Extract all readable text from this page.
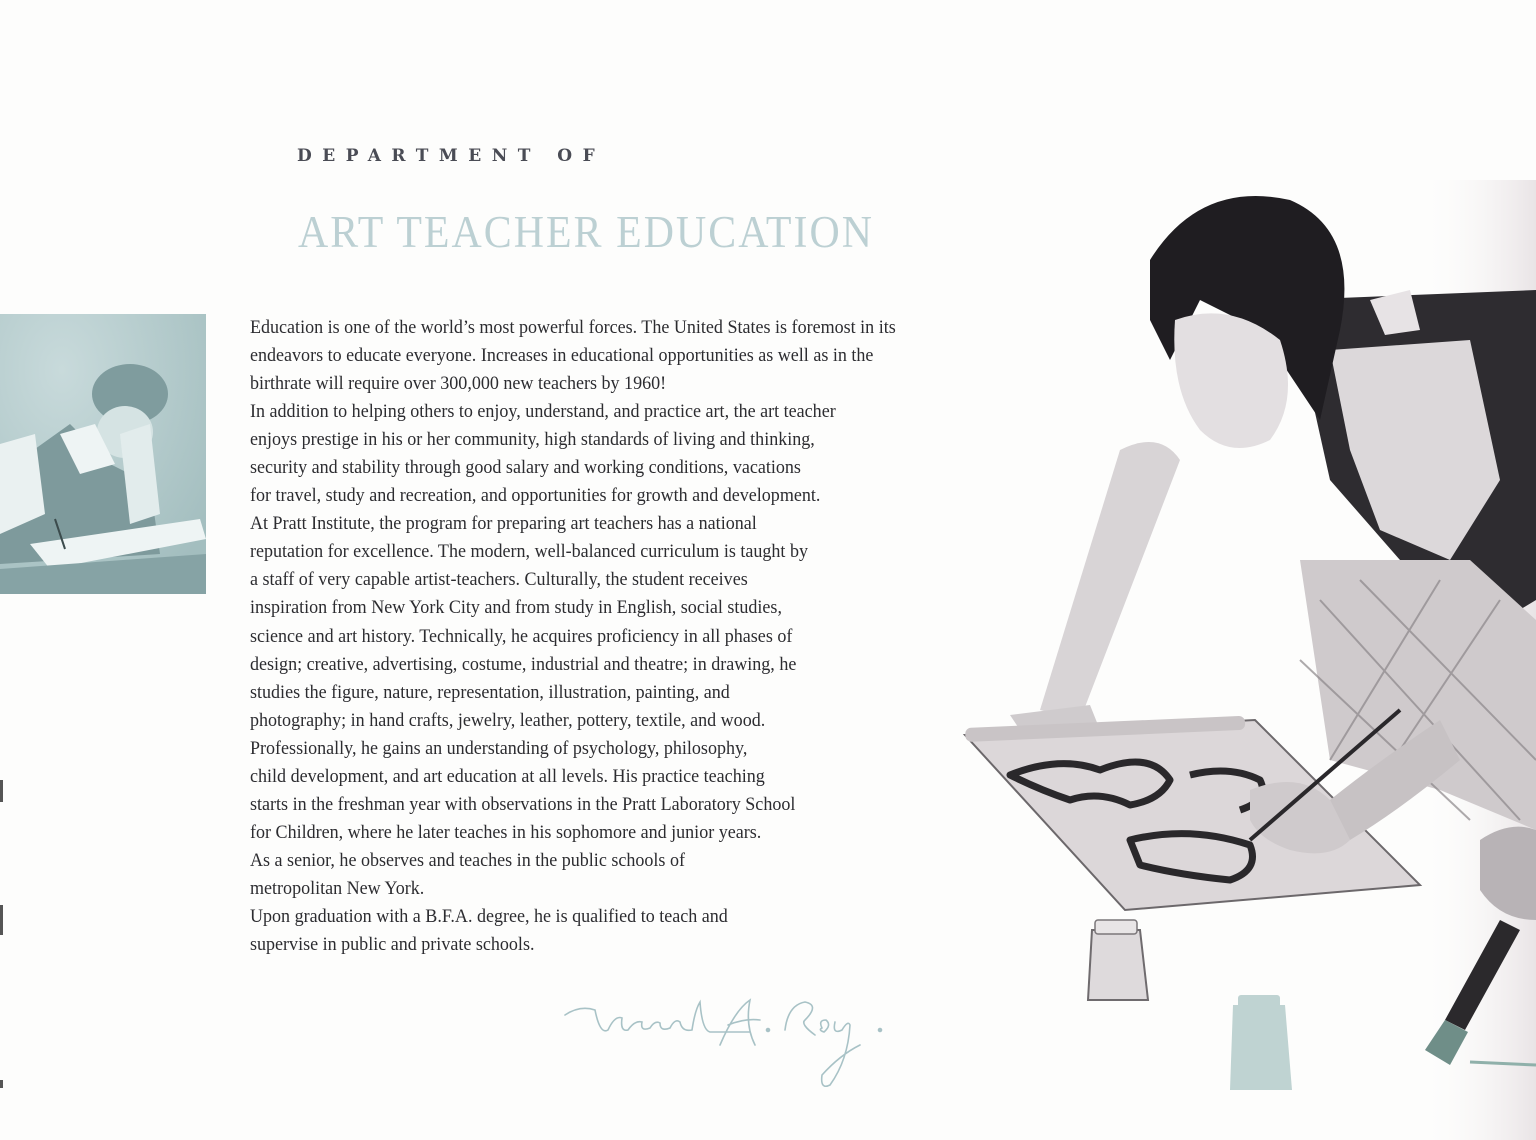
DEPARTMENT OF
ART TEACHER EDUCATION
Education is one of the world’s most powerful forces. The United States is foremost in its
endeavors to educate everyone. Increases in educational opportunities as well as in the
birthrate will require over 300,000 new teachers by 1960!
In addition to helping others to enjoy, understand, and practice art, the art teacher
enjoys prestige in his or her community, high standards of living and thinking,
security and stability through good salary and working conditions, vacations
for travel, study and recreation, and opportunities for growth and development.
At Pratt Institute, the program for preparing art teachers has a national
reputation for excellence. The modern, well-balanced curriculum is taught by
a staff of very capable artist-teachers. Culturally, the student receives
inspiration from New York City and from study in English, social studies,
science and art history. Technically, he acquires proficiency in all phases of
design; creative, advertising, costume, industrial and theatre; in drawing, he
studies the figure, nature, representation, illustration, painting, and
photography; in hand crafts, jewelry, leather, pottery, textile, and wood.
Professionally, he gains an understanding of psychology, philosophy,
child development, and art education at all levels. His practice teaching
starts in the freshman year with observations in the Pratt Laboratory School
for Children, where he later teaches in his sophomore and junior years.
As a senior, he observes and teaches in the public schools of
metropolitan New York.
Upon graduation with a B.F.A. degree, he is qualified to teach and
supervise in public and private schools.
